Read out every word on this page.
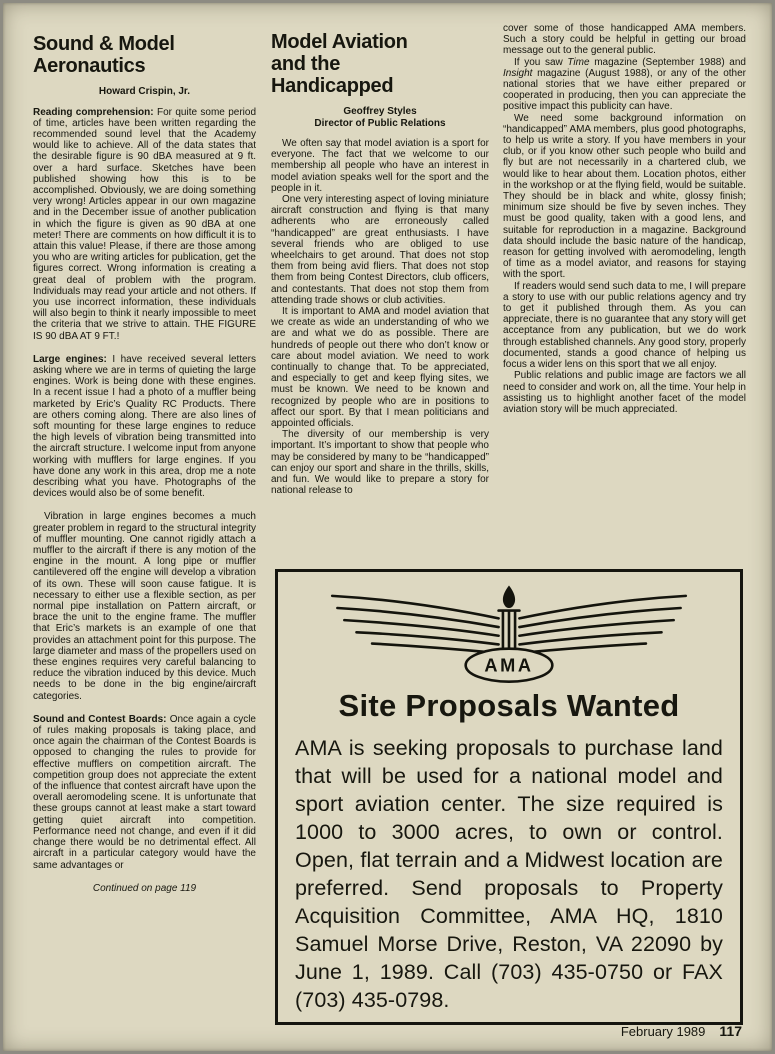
Sound & Model Aeronautics
Howard Crispin, Jr.

Reading comprehension: For quite some period of time, articles have been written regarding the recommended sound level that the Academy would like to achieve. All of the data states that the desirable figure is 90 dBA measured at 9 ft. over a hard surface. Sketches have been published showing how this is to be accomplished. Obviously, we are doing something very wrong! Articles appear in our own magazine and in the December issue of another publication in which the figure is given as 90 dBA at one meter! There are comments on how difficult it is to attain this value! Please, if there are those among you who are writing articles for publication, get the figures correct. Wrong information is creating a great deal of problem with the program. Individuals may read your article and not others. If you use incorrect information, these individuals will also begin to think it nearly impossible to meet the criteria that we strive to attain. THE FIGURE IS 90 dBA AT 9 FT.!

Large engines: I have received several letters asking where we are in terms of quieting the large engines. Work is being done with these engines. In a recent issue I had a photo of a muffler being marketed by Eric’s Quality RC Products. There are others coming along. There are also lines of soft mounting for these large engines to reduce the high levels of vibration being transmitted into the aircraft structure. I welcome input from anyone working with mufflers for large engines. If you have done any work in this area, drop me a note describing what you have. Photographs of the devices would also be of some benefit.

Vibration in large engines becomes a much greater problem in regard to the structural integrity of muffler mounting. One cannot rigidly attach a muffler to the aircraft if there is any motion of the engine in the mount. A long pipe or muffler cantilevered off the engine will develop a vibration of its own. These will soon cause fatigue. It is necessary to either use a flexible section, as per normal pipe installation on Pattern aircraft, or brace the unit to the engine frame. The muffler that Eric’s markets is an example of one that provides an attachment point for this purpose. The large diameter and mass of the propellers used on these engines requires very careful balancing to reduce the vibration induced by this device. Much needs to be done in the big engine/aircraft categories.

Sound and Contest Boards: Once again a cycle of rules making proposals is taking place, and once again the chairman of the Contest Boards is opposed to changing the rules to provide for effective mufflers on competition aircraft. The competition group does not appreciate the extent of the influence that contest aircraft have upon the overall aeromodeling scene. It is unfortunate that these groups cannot at least make a start toward getting quiet aircraft into competition. Performance need not change, and even if it did change there would be no detrimental effect. All aircraft in a particular category would have the same advantages or

Continued on page 119
Model Aviation and the Handicapped
Geoffrey Styles
Director of Public Relations

We often say that model aviation is a sport for everyone. The fact that we welcome to our membership all people who have an interest in model aviation speaks well for the sport and the people in it.

One very interesting aspect of loving miniature aircraft construction and flying is that many adherents who are erroneously called “handicapped” are great enthusiasts. I have several friends who are obliged to use wheelchairs to get around. That does not stop them from being avid fliers. That does not stop them from being Contest Directors, club officers, and contestants. That does not stop them from attending trade shows or club activities.

It is important to AMA and model aviation that we create as wide an understanding of who we are and what we do as possible. There are hundreds of people out there who don’t know or care about model aviation. We need to work continually to change that. To be appreciated, and especially to get and keep flying sites, we must be known. We need to be known and recognized by people who are in positions to affect our sport. By that I mean politicians and appointed officials.

The diversity of our membership is very important. It’s important to show that people who may be considered by many to be “handicapped” can enjoy our sport and share in the thrills, skills, and fun. We would like to prepare a story for national release to

cover some of those handicapped AMA members. Such a story could be helpful in getting our broad message out to the general public.

If you saw Time magazine (September 1988) and Insight magazine (August 1988), or any of the other national stories that we have either prepared or cooperated in producing, then you can appreciate the positive impact this publicity can have.

We need some background information on “handicapped” AMA members, plus good photographs, to help us write a story. If you have members in your club, or if you know other such people who build and fly but are not necessarily in a chartered club, we would like to hear about them. Location photos, either in the workshop or at the flying field, would be suitable. They should be in black and white, glossy finish; minimum size should be five by seven inches. They must be good quality, taken with a good lens, and suitable for reproduction in a magazine. Background data should include the basic nature of the handicap, reason for getting involved with aeromodeling, length of time as a model aviator, and reasons for staying with the sport.

If readers would send such data to me, I will prepare a story to use with our public relations agency and try to get it published through them. As you can appreciate, there is no guarantee that any story will get acceptance from any publication, but we do work through established channels. Any good story, properly documented, stands a good chance of helping us focus a wider lens on this sport that we all enjoy.

Public relations and public image are factors we all need to consider and work on, all the time. Your help in assisting us to highlight another facet of the model aviation story will be much appreciated.

AMA
Site Proposals Wanted
AMA is seeking proposals to purchase land that will be used for a national model and sport aviation center. The size required is 1000 to 3000 acres, to own or control. Open, flat terrain and a Midwest location are preferred. Send proposals to Property Acquisition Committee, AMA HQ, 1810 Samuel Morse Drive, Reston, VA 22090 by June 1, 1989. Call (703) 435-0750 or FAX (703) 435-0798.
February 1989 117
